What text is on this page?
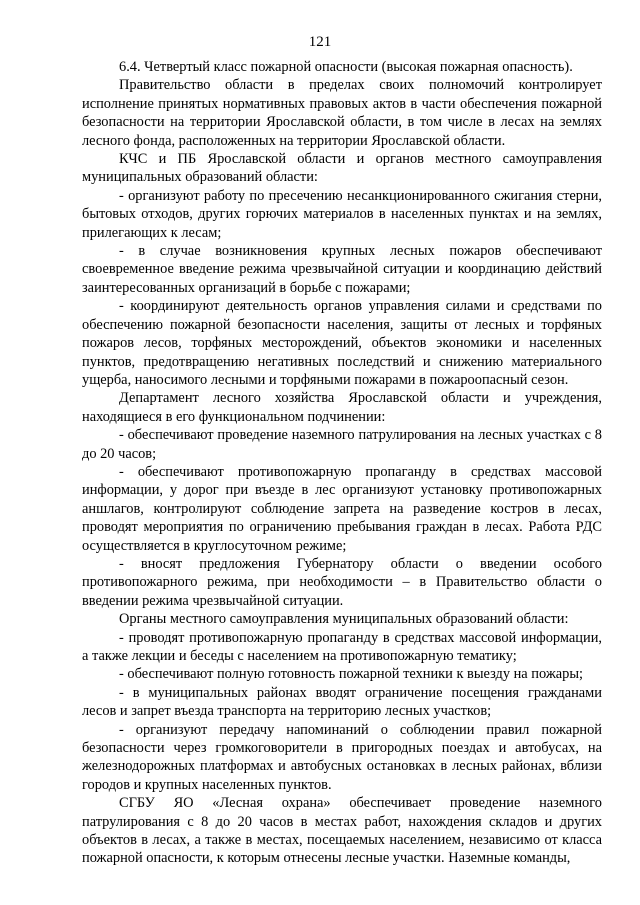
121

6.4. Четвертый класс пожарной опасности (высокая пожарная опасность).

Правительство области в пределах своих полномочий контролирует исполнение принятых нормативных правовых актов в части обеспечения пожарной безопасности на территории Ярославской области, в том числе в лесах на землях лесного фонда, расположенных на территории Ярославской области.

КЧС и ПБ Ярославской области и органов местного самоуправления муниципальных образований области:

- организуют работу по пресечению несанкционированного сжигания стерни, бытовых отходов, других горючих материалов в населенных пунктах и на землях, прилегающих к лесам;

- в случае возникновения крупных лесных пожаров обеспечивают своевременное введение режима чрезвычайной ситуации и координацию действий заинтересованных организаций в борьбе с пожарами;

- координируют деятельность органов управления силами и средствами по обеспечению пожарной безопасности населения, защиты от лесных и торфяных пожаров лесов, торфяных месторождений, объектов экономики и населенных пунктов, предотвращению негативных последствий и снижению материального ущерба, наносимого лесными и торфяными пожарами в пожароопасный сезон.

Департамент лесного хозяйства Ярославской области и учреждения, находящиеся в его функциональном подчинении:

- обеспечивают проведение наземного патрулирования на лесных участках с 8 до 20 часов;

- обеспечивают противопожарную пропаганду в средствах массовой информации, у дорог при въезде в лес организуют установку противопожарных аншлагов, контролируют соблюдение запрета на разведение костров в лесах, проводят мероприятия по ограничению пребывания граждан в лесах. Работа РДС осуществляется в круглосуточном режиме;

- вносят предложения Губернатору области о введении особого противопожарного режима, при необходимости – в Правительство области о введении режима чрезвычайной ситуации.

Органы местного самоуправления муниципальных образований области:

- проводят противопожарную пропаганду в средствах массовой информации, а также лекции и беседы с населением на противопожарную тематику;

- обеспечивают полную готовность пожарной техники к выезду на пожары;

- в муниципальных районах вводят ограничение посещения гражданами лесов и запрет въезда транспорта на территорию лесных участков;

- организуют передачу напоминаний о соблюдении правил пожарной безопасности через громкоговорители в пригородных поездах и автобусах, на железнодорожных платформах и автобусных остановках в лесных районах, вблизи городов и крупных населенных пунктов.

СГБУ ЯО «Лесная охрана» обеспечивает проведение наземного патрулирования с 8 до 20 часов в местах работ, нахождения складов и других объектов в лесах, а также в местах, посещаемых населением, независимо от класса пожарной опасности, к которым отнесены лесные участки. Наземные команды,
